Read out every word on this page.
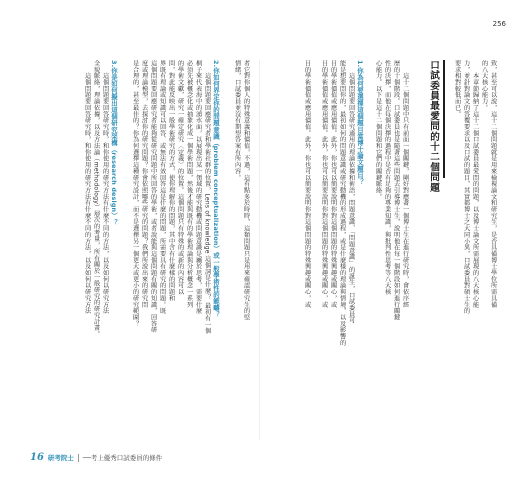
256
致，甚至可以說，這十二個問題就是用來檢視論文和研究生，是否具備博士學位所需具備
的八大核心能力。
　　本章節歸納了這十二個口試委員最愛問的問題，以及博士論文所需展現的八大核心能
力，並針對論文的答覆要求以及口試的題目，其實都博士之大同小異，口試委員對碩士生的
要求相對較低而已。
口試委員最愛問的十二個問題
　　這十二個問題中只有前面一個關鍵，剛好對應著一個博士生在進行研究時，會依序經
歷的十個階段。口試委員也是隨著這些問題去引導博士生，說明他在每一個階段如何進行關鍵
性的決擇，而他在每個決擇的過程中是否有足夠的專業知識，與批判性思考等八大核
心能力。以下是這十二個問題和它們的關鍵脈絡。
1.你為何要選擇這個題目當博士論文題目？
　　這個問題要回答研究適用的理論依據和術語，問題意識、「問題意識」的誕生，口試委員可
能是想要問你的，最初如何的問題意識或研究動機的形成過程，或是什麼樣的理論與情境，以及影響的
目的學術價值或應用價值。此外，你也可以簡要說明你對這個問題的特殊興趣或關心，或
目的學術價值或應用價值。此外，你也可以簡要說明你對這個問題的特殊興趣或關心，或
目的學術價值或應用價值。此外，你也可以簡要說明你對這個問題的特殊興趣或關心，或
者它對你個人的特殊意義和價值，不過，這有點多於時時，這類問題只是用來確認研究生的堅
情緒，口試委員並沒有期望答案有所內容。
2.你如何界定你的問題意識（problem conceptualization）或一般學術性的範疇？
　　這個問題要回應研究者和學術社群的位置，Lens of knowledge 這個詞是什麼？ 最初有一個
桐子來代表海中的湧水面，以展現出某一領域的研究動機或問題意識是屬於思考，需要什麼
必須先被概念化或抽象化成一個學術問題，然後才能與既有的學術理論與分析概念一系列
的學術文獻，研究一確定研究〈定義〉的位置。這個問題只有特殊的或新的內容可以
問，對此能反映出一般學術研究的方式，使你理解你的問題，其中含有什麼樣的問題和
界既有理論或知識可以回答、或無法有效回答這是什麼的問題，所需要具有研究的問題。既
這個問題要回應研究者能夠從研究問題中所回答的學術，或者說能與這個問題有關的知識，回答研
度或理論模型，去探討你的研究問題？你會依照哪些研究的問題？我們所說出來的研究問
是合理的，甚至最佳的？你為何選擇這種研究設計，而不是選擇另一個更大或更小的研究範圍？
3.你是如何擬出這個研究架構（research design）？
　　這個問題要回答研究時，和你使用的研究方法有什麼不同的方法，以及如何以研究方法
全貌脈絡，理論依據，以及方法論（methodology）層次的考量，所有關於一般研究的研究計畫。
　　這個問題要回答研究時，和你使用的研究方法有什麼不同的方法，以及如何以研究方法
16 研考院士 ──考上優秀口試委員的條件
